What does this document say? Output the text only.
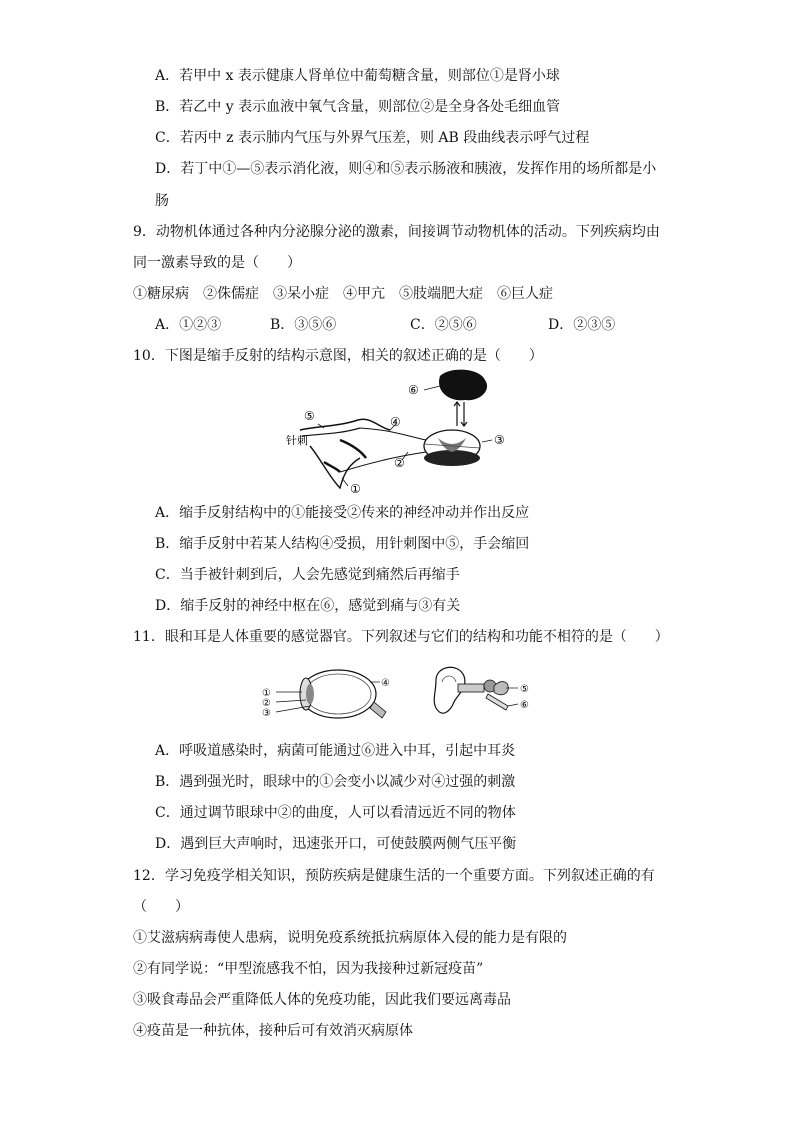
A．若甲中 x 表示健康人肾单位中葡萄糖含量，则部位①是肾小球
B．若乙中 y 表示血液中氧气含量，则部位②是全身各处毛细血管
C．若丙中 z 表示肺内气压与外界气压差，则 AB 段曲线表示呼气过程
D．若丁中①—⑤表示消化液，则④和⑤表示肠液和胰液，发挥作用的场所都是小
肠
9．动物机体通过各种内分泌腺分泌的激素，间接调节动物机体的活动。下列疾病均由
同一激素导致的是（　　）
①糖尿病　②侏儒症　③呆小症　④甲亢　⑤肢端肥大症　⑥巨人症
A．①②③	B．③⑤⑥	C．②⑤⑥	D．②③⑤
10．下图是缩手反射的结构示意图，相关的叙述正确的是（　　）
⑤
针刺
①
②
④
⑥
③
A．缩手反射结构中的①能接受②传来的神经冲动并作出反应
B．缩手反射中若某人结构④受损，用针刺图中⑤，手会缩回
C．当手被针刺到后，人会先感觉到痛然后再缩手
D．缩手反射的神经中枢在⑥，感觉到痛与③有关
11．眼和耳是人体重要的感觉器官。下列叙述与它们的结构和功能不相符的是（　　）
①
②
③
④
⑤
⑥
A．呼吸道感染时，病菌可能通过⑥进入中耳，引起中耳炎
B．遇到强光时，眼球中的①会变小以减少对④过强的刺激
C．通过调节眼球中②的曲度，人可以看清远近不同的物体
D．遇到巨大声响时，迅速张开口，可使鼓膜两侧气压平衡
12．学习免疫学相关知识，预防疾病是健康生活的一个重要方面。下列叙述正确的有
（　　）
①艾滋病病毒使人患病，说明免疫系统抵抗病原体入侵的能力是有限的
②有同学说：“甲型流感我不怕，因为我接种过新冠疫苗”
③吸食毒品会严重降低人体的免疫功能，因此我们要远离毒品
④疫苗是一种抗体，接种后可有效消灭病原体
